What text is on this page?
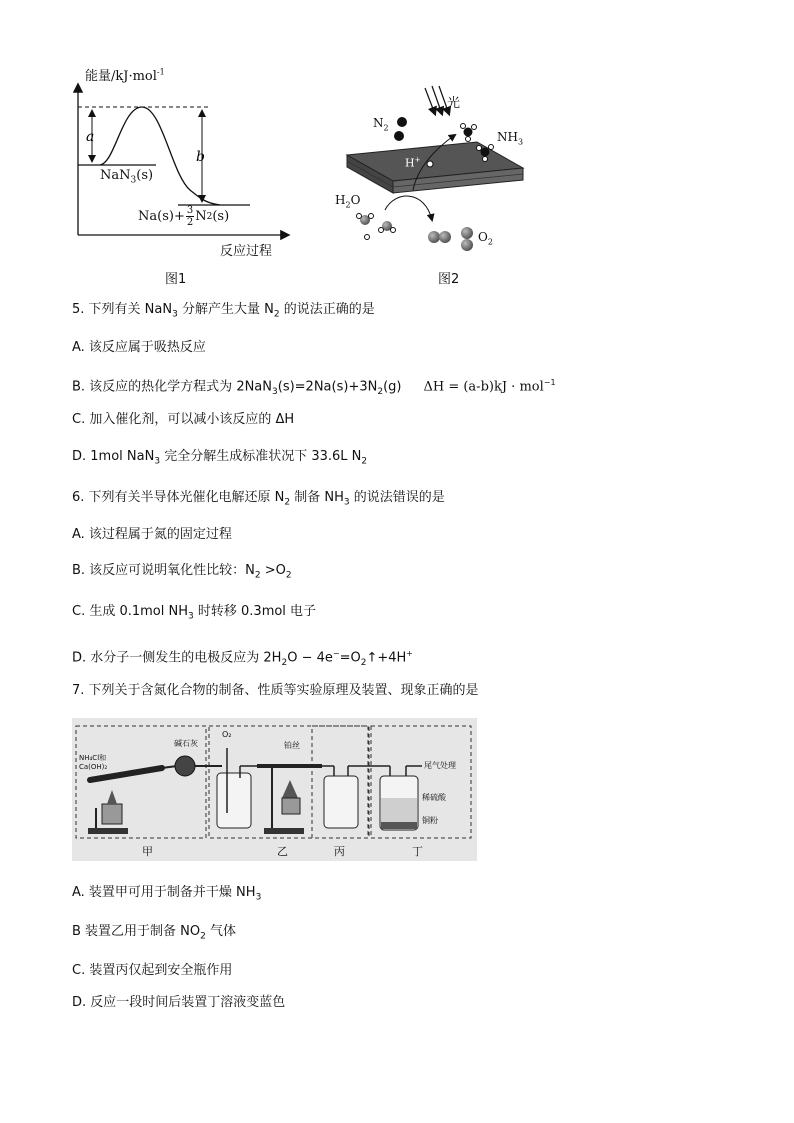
a
b
能量/kJ·mol$^{-1}$
NaN$_3$(s)
$Na(s)+ \frac{3}{2}$ N 2 (s)
反应过程
图1
光
$N_2$
$NH_3$
H+
$H_2O$
$O_2$
图2
5. 下列有关 NaN$_3$ 分解产生大量 $N_2$ 的说法正确的是
A. 该反应属于吸热反应
B. 该反应的热化学方程式为 $2NaN_3(s)=2Na(s)+3N_2(g) \Delta H = (a-b)kJ \cdot mol^{-1}$
C. 加入催化剂，可以减小该反应的 ΔH
D. 1mol NaN$_3$ 完全分解生成标准状况下 33.6L $N_2$
6. 下列有关半导体光催化电解还原 $N_2$ 制备 $NH_3$ 的说法错误的是
A. 该过程属于氮的固定过程
B. 该反应可说明氧化性比较：$N_2 >O_2$
C. 生成 0.1mol $NH_3$ 时转移 0.3mol 电子
D. 水分子一侧发生的电极反应为 $2H_2O$ − $4e^-=O_2↑+4H^+$
7. 下列关于含氮化合物的制备、性质等实验原理及装置、现象正确的是
NH₄Cl和
Ca(OH)₂
碱石灰
O₂
铂丝
尾气处理
稀硫酸
铜粉
甲	乙	丙	丁
A. 装置甲可用于制备并干燥 $NH_3$
B 装置乙用于制备 $NO_2$ 气体
C. 装置丙仅起到安全瓶作用
D. 反应一段时间后装置丁溶液变蓝色
